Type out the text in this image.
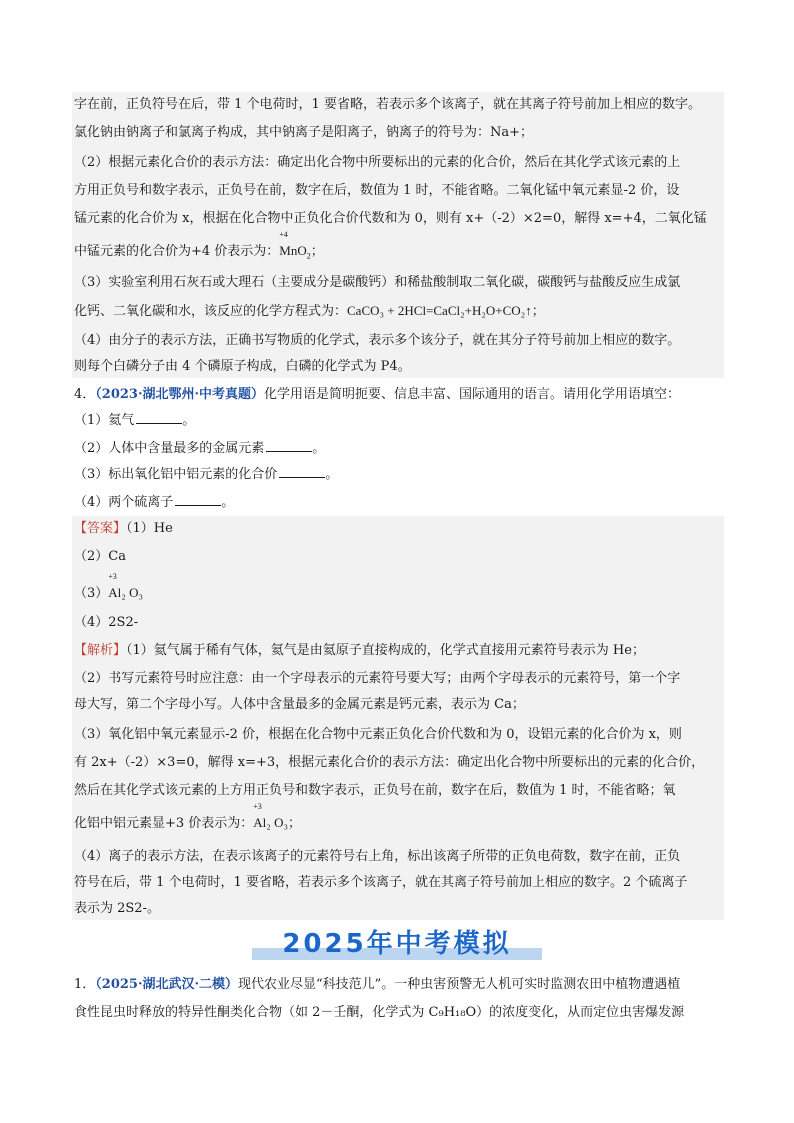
字在前，正负符号在后，带 1 个电荷时，1 要省略，若表示多个该离子，就在其离子符号前加上相应的数字。
氯化钠由钠离子和氯离子构成，其中钠离子是阳离子，钠离子的符号为：Na+；
（2）根据元素化合价的表示方法：确定出化合物中所要标出的元素的化合价，然后在其化学式该元素的上
方用正负号和数字表示，正负号在前，数字在后，数值为 1 时，不能省略。二氧化锰中氧元素显-2 价，设
锰元素的化合价为 x，根据在化合物中正负化合价代数和为 0，则有 x+（-2）×2=0，解得 x=+4，二氧化锰
中锰元素的化合价为+4 价表示为：
+4
MnO$_2$；
（3）实验室利用石灰石或大理石（主要成分是碳酸钙）和稀盐酸制取二氧化碳，碳酸钙与盐酸反应生成氯
化钙、二氧化碳和水，该反应的化学方程式为：CaCO₃ + 2HCl=CaCl₂+H₂O+CO₂↑；
（4）由分子的表示方法，正确书写物质的化学式，表示多个该分子，就在其分子符号前加上相应的数字。
则每个白磷分子由 4 个磷原子构成，白磷的化学式为 P4。
4．（2023·湖北鄂州·中考真题）化学用语是简明扼要、信息丰富、国际通用的语言。请用化学用语填空：
（1）氦气	。
（2）人体中含量最多的金属元素	。
（3）标出氧化铝中铝元素的化合价	。
（4）两个硫离子	。
【答案】（1）He
（2）Ca
（3）
+3
Al₂ O₃
（4）2S2-
【解析】（1）氦气属于稀有气体，氦气是由氦原子直接构成的，化学式直接用元素符号表示为 He；
（2）书写元素符号时应注意：由一个字母表示的元素符号要大写；由两个字母表示的元素符号，第一个字
母大写，第二个字母小写。人体中含量最多的金属元素是钙元素，表示为 Ca；
（3）氧化铝中氧元素显示-2 价，根据在化合物中元素正负化合价代数和为 0，设铝元素的化合价为 x，则
有 2x+（-2）×3=0，解得 x=+3，根据元素化合价的表示方法：确定出化合物中所要标出的元素的化合价，
然后在其化学式该元素的上方用正负号和数字表示，正负号在前，数字在后，数值为 1 时，不能省略；氧
化铝中铝元素显+3 价表示为：
+3
Al₂ O₃；
（4）离子的表示方法，在表示该离子的元素符号右上角，标出该离子所带的正负电荷数，数字在前，正负
符号在后，带 1 个电荷时，1 要省略，若表示多个该离子，就在其离子符号前加上相应的数字。2 个硫离子
表示为 2S2-。
2025年中考模拟
1．（2025·湖北武汉·二模）现代农业尽显“科技范儿”。一种虫害预警无人机可实时监测农田中植物遭遇植
食性昆虫时释放的特异性酮类化合物（如 2－壬酮，化学式为 C₉H₁₈O）的浓度变化，从而定位虫害爆发源
